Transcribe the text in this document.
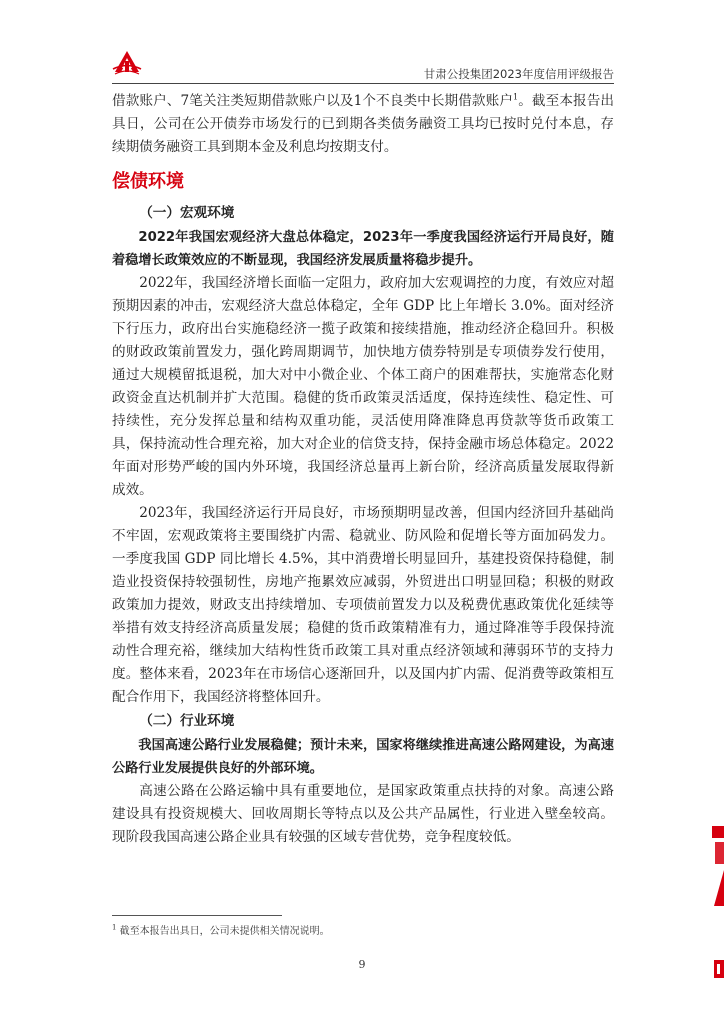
甘肃公投集团2023年度信用评级报告

借款账户、7笔关注类短期借款账户以及1个不良类中长期借款账户$^1$。截至本报告出具日，公司在公开债券市场发行的已到期各类债务融资工具均已按时兑付本息，存续期债务融资工具到期本金及利息均按期支付。

偿债环境
（一）宏观环境

2022年我国宏观经济大盘总体稳定，2023年一季度我国经济运行开局良好，随着稳增长政策效应的不断显现，我国经济发展质量将稳步提升。

2022年，我国经济增长面临一定阻力，政府加大宏观调控的力度，有效应对超预期因素的冲击，宏观经济大盘总体稳定，全年 GDP 比上年增长 3.0%。面对经济下行压力，政府出台实施稳经济一揽子政策和接续措施，推动经济企稳回升。积极的财政政策前置发力，强化跨周期调节，加快地方债券特别是专项债券发行使用，通过大规模留抵退税，加大对中小微企业、个体工商户的困难帮扶，实施常态化财政资金直达机制并扩大范围。稳健的货币政策灵活适度，保持连续性、稳定性、可持续性，充分发挥总量和结构双重功能，灵活使用降准降息再贷款等货币政策工具，保持流动性合理充裕，加大对企业的信贷支持，保持金融市场总体稳定。2022年面对形势严峻的国内外环境，我国经济总量再上新台阶，经济高质量发展取得新成效。

2023年，我国经济运行开局良好，市场预期明显改善，但国内经济回升基础尚不牢固，宏观政策将主要围绕扩内需、稳就业、防风险和促增长等方面加码发力。一季度我国 GDP 同比增长 4.5%，其中消费增长明显回升，基建投资保持稳健，制造业投资保持较强韧性，房地产拖累效应减弱，外贸进出口明显回稳；积极的财政政策加力提效，财政支出持续增加、专项债前置发力以及税费优惠政策优化延续等举措有效支持经济高质量发展；稳健的货币政策精准有力，通过降准等手段保持流动性合理充裕，继续加大结构性货币政策工具对重点经济领域和薄弱环节的支持力度。整体来看，2023年在市场信心逐渐回升，以及国内扩内需、促消费等政策相互配合作用下，我国经济将整体回升。

（二）行业环境

我国高速公路行业发展稳健；预计未来，国家将继续推进高速公路网建设，为高速公路行业发展提供良好的外部环境。

高速公路在公路运输中具有重要地位，是国家政策重点扶持的对象。高速公路建设具有投资规模大、回收周期长等特点以及公共产品属性，行业进入壁垒较高。现阶段我国高速公路企业具有较强的区域专营优势，竞争程度较低。

$^1$ 截至本报告出具日，公司未提供相关情况说明。
9
